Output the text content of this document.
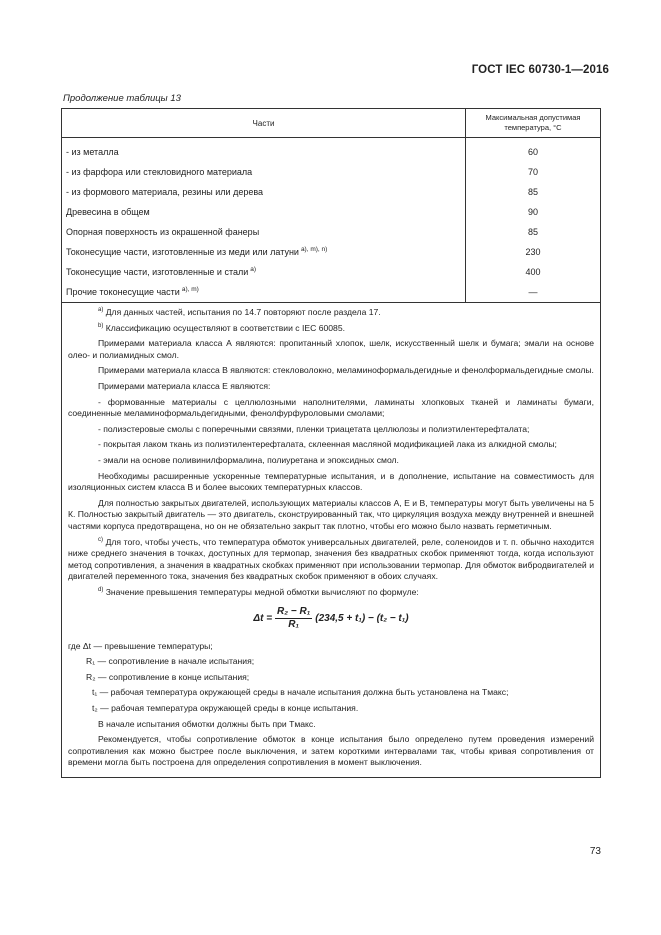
ГОСТ IEC 60730-1—2016
Продолжение таблицы 13
Части
Максимальная допустимая температура, °С
- из металла	60
- из фарфора или стекловидного материала	70
- из формового материала, резины или дерева	85
Древесина в общем	90
Опорная поверхность из окрашенной фанеры	85
Токонесущие части, изготовленные из меди или латуни $^{a), m), n)}$	230
Токонесущие части, изготовленные и стали $^{a)}$	400
Прочие токонесущие части $^{a), m)}$	—

$^{a)}$ Для данных частей, испытания по 14.7 повторяют после раздела 17.

$^{b)}$ Классификацию осуществляют в соответствии с IEC 60085.

Примерами материала класса А являются: пропитанный хлопок, шелк, искусственный шелк и бумага; эмали на основе олео- и полиамидных смол.

Примерами материала класса В являются: стекловолокно, меламиноформальдегидные и фенолформальдегидные смолы.

Примерами материала класса Е являются:

- формованные материалы с целлюлозными наполнителями, ламинаты хлопковых тканей и ламинаты бумаги, соединенные меламиноформальдегидными, фенолфурфуроловыми смолами;

- полиэстеровые смолы с поперечными связями, пленки триацетата целлюлозы и полиэтилентерефталата;

- покрытая лаком ткань из полиэтилентерефталата, склеенная масляной модификацией лака из алкидной смолы;

- эмали на основе поливинилформалина, полиуретана и эпоксидных смол.

Необходимы расширенные ускоренные температурные испытания, и в дополнение, испытание на совместимость для изоляционных систем класса В и более высоких температурных классов.

Для полностью закрытых двигателей, использующих материалы классов А, Е и В, температуры могут быть увеличены на 5 К. Полностью закрытый двигатель — это двигатель, сконструированный так, что циркуляция воздуха между внутренней и внешней частями корпуса предотвращена, но он не обязательно закрыт так плотно, чтобы его можно было назвать герметичным.

$^{c)}$ Для того, чтобы учесть, что температура обмоток универсальных двигателей, реле, соленоидов и т. п. обычно находится ниже среднего значения в точках, доступных для термопар, значения без квадратных скобок применяют тогда, когда используют метод сопротивления, а значения в квадратных скобках применяют при использовании термопар. Для обмоток вибродвигателей и двигателей переменного тока, значения без квадратных скобок применяют в обоих случаях.

$^{d)}$ Значение превышения температуры медной обмотки вычисляют по формуле:

$\Delta t = \frac{\text{R₂ − R₁}}{\text{R₁}} (234,5 + t_1) - (t_2 - t_1)$

где Δt — превышение температуры;

R₁ — сопротивление в начале испытания;

R₂ — сопротивление в конце испытания;

t₁ — рабочая температура окружающей среды в начале испытания должна быть установлена на Tмакс;

t₂ — рабочая температура окружающей среды в конце испытания.

В начале испытания обмотки должны быть при Tмакс.

Рекомендуется, чтобы сопротивление обмоток в конце испытания было определено путем проведения измерений сопротивления как можно быстрее после выключения, и затем короткими интервалами так, чтобы кривая сопротивления от времени могла быть построена для определения сопротивления в момент выключения.

73
